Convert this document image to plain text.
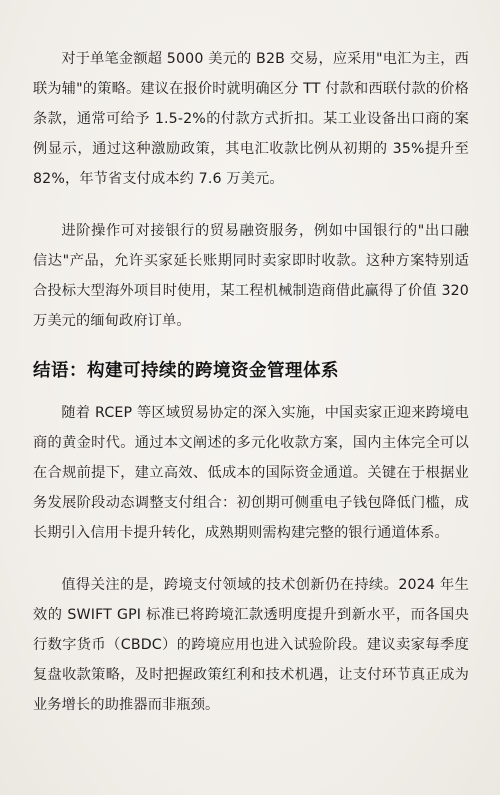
对于单笔金额超 5000 美元的 B2B 交易，应采用"电汇为主，西联为辅"的策略。建议在报价时就明确区分 TT 付款和西联付款的价格条款，通常可给予 1.5-2%的付款方式折扣。某工业设备出口商的案例显示，通过这种激励政策，其电汇收款比例从初期的 35%提升至 82%，年节省支付成本约 7.6 万美元。

进阶操作可对接银行的贸易融资服务，例如中国银行的"出口融信达"产品，允许买家延长账期同时卖家即时收款。这种方案特别适合投标大型海外项目时使用，某工程机械制造商借此赢得了价值 320 万美元的缅甸政府订单。

结语：构建可持续的跨境资金管理体系

随着 RCEP 等区域贸易协定的深入实施，中国卖家正迎来跨境电商的黄金时代。通过本文阐述的多元化收款方案，国内主体完全可以在合规前提下，建立高效、低成本的国际资金通道。关键在于根据业务发展阶段动态调整支付组合：初创期可侧重电子钱包降低门槛，成长期引入信用卡提升转化，成熟期则需构建完整的银行通道体系。

值得关注的是，跨境支付领域的技术创新仍在持续。2024 年生效的 SWIFT GPI 标准已将跨境汇款透明度提升到新水平，而各国央行数字货币（CBDC）的跨境应用也进入试验阶段。建议卖家每季度复盘收款策略，及时把握政策红利和技术机遇，让支付环节真正成为业务增长的助推器而非瓶颈。
